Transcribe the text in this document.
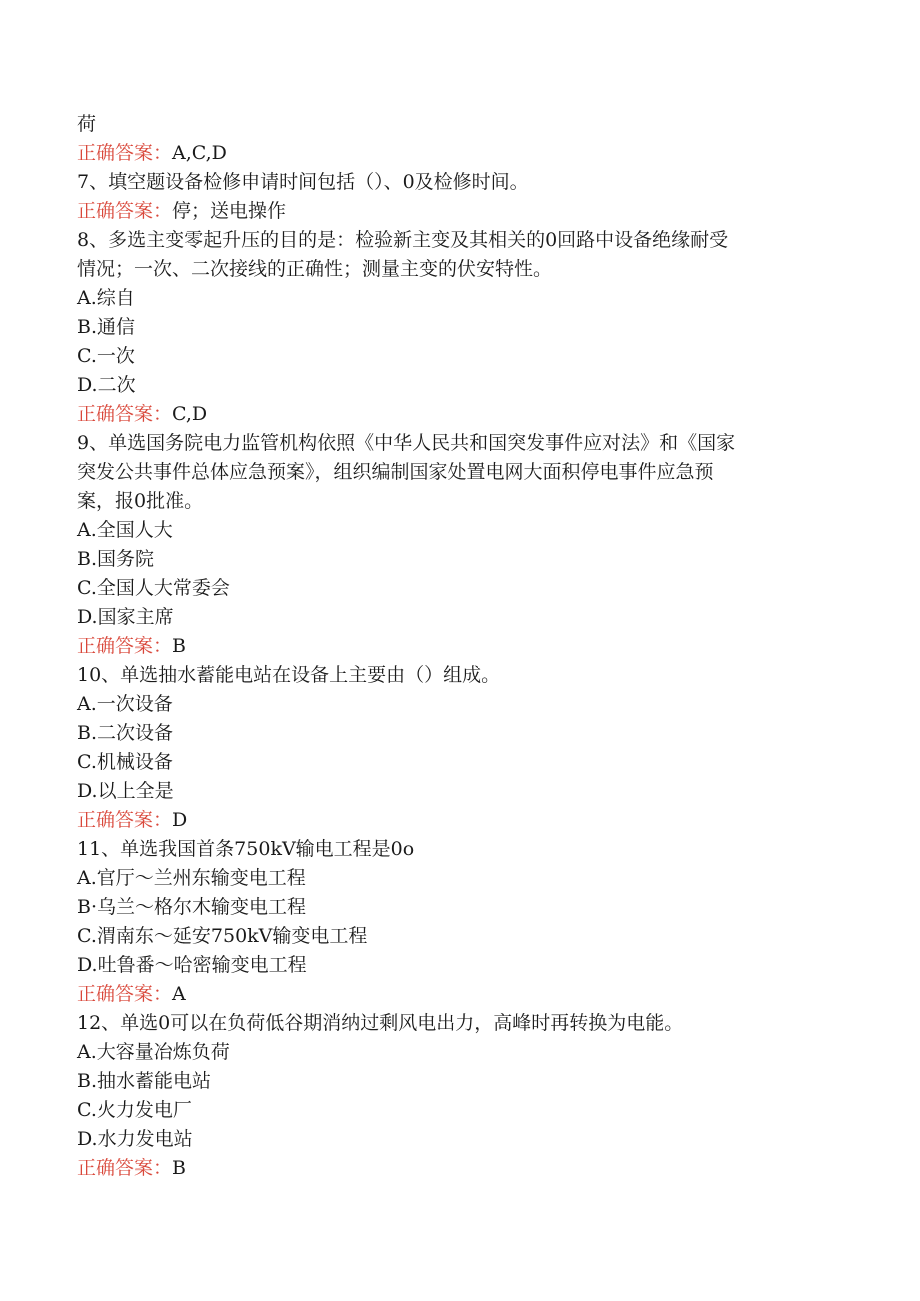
荷
正确答案：A,C,D
7、填空题设备检修申请时间包括（）、0及检修时间。
正确答案：停；送电操作
8、多选主变零起升压的目的是：检验新主变及其相关的0回路中设备绝缘耐受
情况；一次、二次接线的正确性；测量主变的伏安特性。
A.综自
B.通信
C.一次
D.二次
正确答案：C,D
9、单选国务院电力监管机构依照《中华人民共和国突发事件应对法》和《国家
突发公共事件总体应急预案》，组织编制国家处置电网大面积停电事件应急预
案，报0批准。
A.全国人大
B.国务院
C.全国人大常委会
D.国家主席
正确答案：B
10、单选抽水蓄能电站在设备上主要由（）组成。
A.一次设备
B.二次设备
C.机械设备
D.以上全是
正确答案：D
11、单选我国首条750kV输电工程是0o
A.官厅～兰州东输变电工程
B·乌兰～格尔木输变电工程
C.渭南东～延安750kV输变电工程
D.吐鲁番～哈密输变电工程
正确答案：A
12、单选0可以在负荷低谷期消纳过剩风电出力，高峰时再转换为电能。
A.大容量冶炼负荷
B.抽水蓄能电站
C.火力发电厂
D.水力发电站
正确答案：B
